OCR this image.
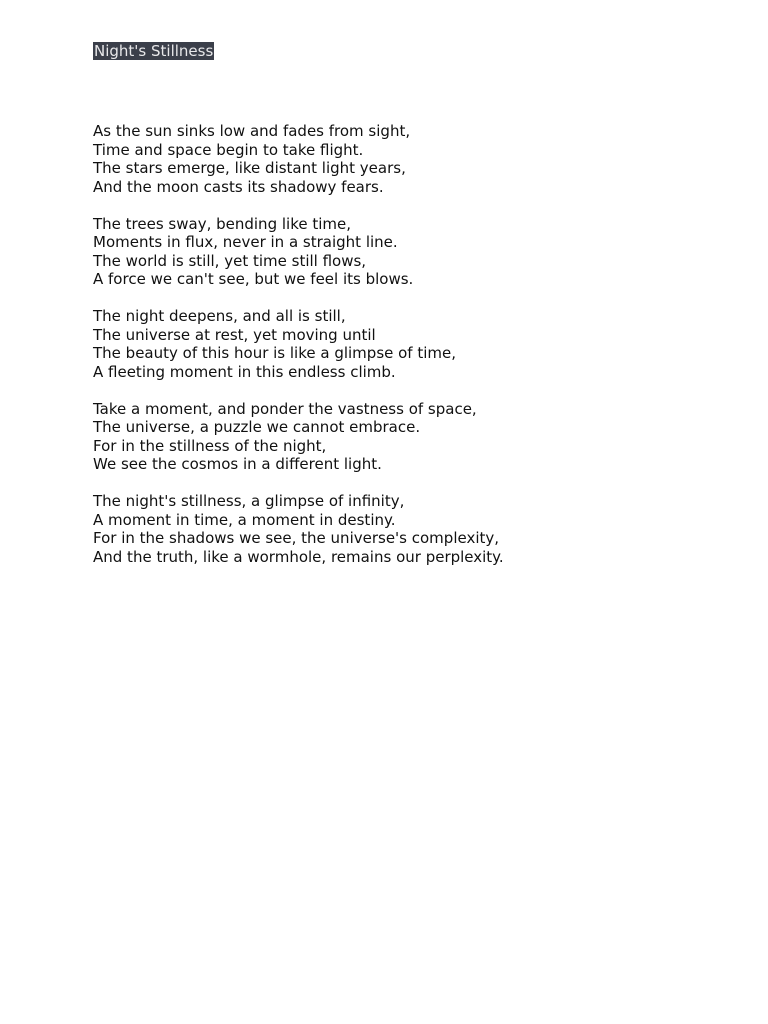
Night's Stillness
As the sun sinks low and fades from sight,
Time and space begin to take flight.
The stars emerge, like distant light years,
And the moon casts its shadowy fears.
The trees sway, bending like time,
Moments in flux, never in a straight line.
The world is still, yet time still flows,
A force we can't see, but we feel its blows.
The night deepens, and all is still,
The universe at rest, yet moving until
The beauty of this hour is like a glimpse of time,
A fleeting moment in this endless climb.
Take a moment, and ponder the vastness of space,
The universe, a puzzle we cannot embrace.
For in the stillness of the night,
We see the cosmos in a different light.
The night's stillness, a glimpse of infinity,
A moment in time, a moment in destiny.
For in the shadows we see, the universe's complexity,
And the truth, like a wormhole, remains our perplexity.
